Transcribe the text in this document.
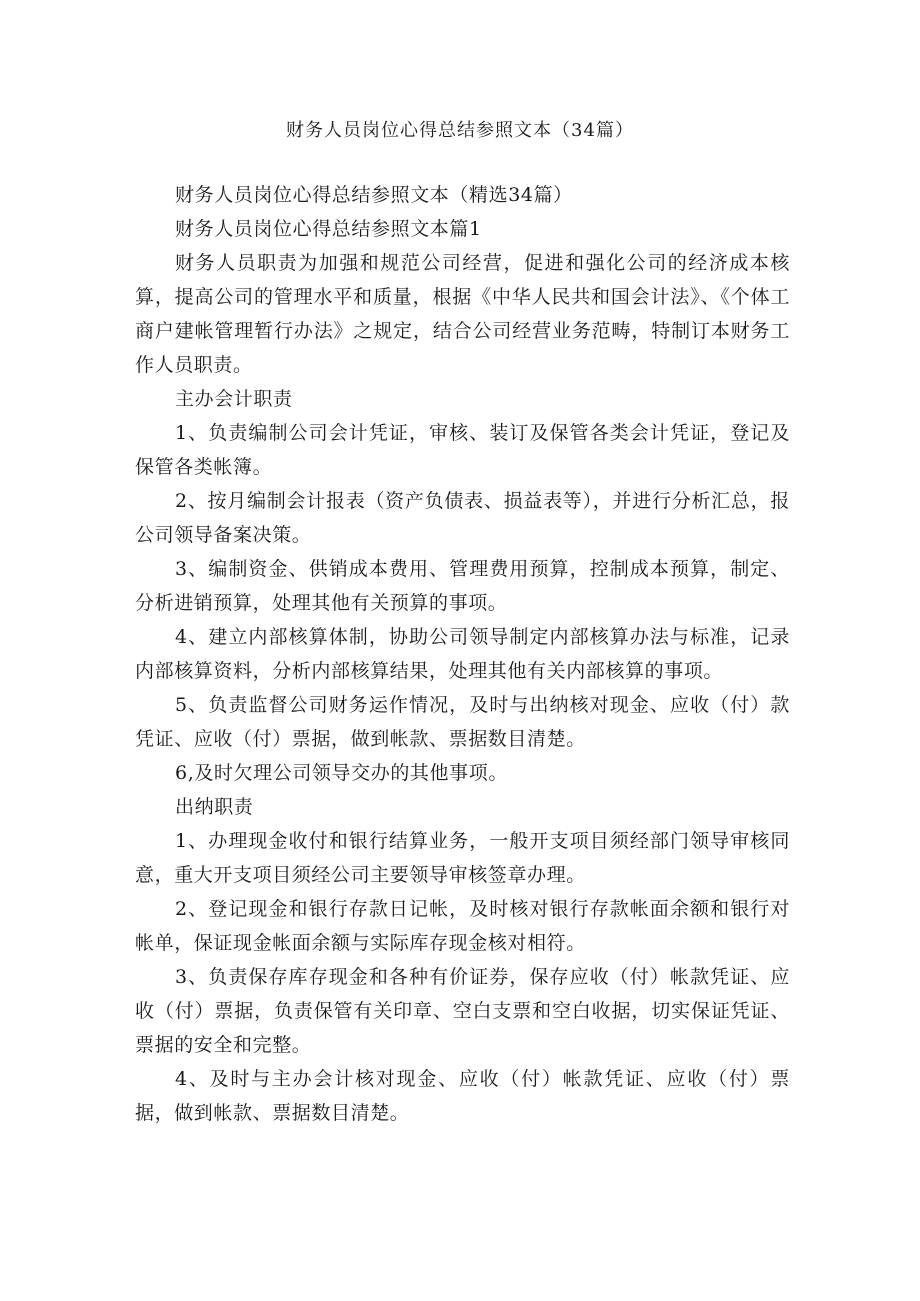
财务人员岗位心得总结参照文本（34篇）

财务人员岗位心得总结参照文本（精选34篇）

财务人员岗位心得总结参照文本篇1

财务人员职责为加强和规范公司经营，促进和强化公司的经济成本核算，提高公司的管理水平和质量，根据《中华人民共和国会计法》、《个体工商户建帐管理暂行办法》之规定，结合公司经营业务范畴，特制订本财务工作人员职责。

主办会计职责

1、负责编制公司会计凭证，审核、装订及保管各类会计凭证，登记及保管各类帐簿。

2、按月编制会计报表（资产负债表、损益表等），并进行分析汇总，报公司领导备案决策。

3、编制资金、供销成本费用、管理费用预算，控制成本预算，制定、分析进销预算，处理其他有关预算的事项。

4、建立内部核算体制，协助公司领导制定内部核算办法与标准，记录内部核算资料，分析内部核算结果，处理其他有关内部核算的事项。

5、负责监督公司财务运作情况，及时与出纳核对现金、应收（付）款凭证、应收（付）票据，做到帐款、票据数目清楚。

6,及时欠理公司领导交办的其他事项。

出纳职责

1、办理现金收付和银行结算业务，一般开支项目须经部门领导审核同意，重大开支项目须经公司主要领导审核签章办理。

2、登记现金和银行存款日记帐，及时核对银行存款帐面余额和银行对帐单，保证现金帐面余额与实际库存现金核对相符。

3、负责保存库存现金和各种有价证券，保存应收（付）帐款凭证、应收（付）票据，负责保管有关印章、空白支票和空白收据，切实保证凭证、票据的安全和完整。

4、及时与主办会计核对现金、应收（付）帐款凭证、应收（付）票据，做到帐款、票据数目清楚。
